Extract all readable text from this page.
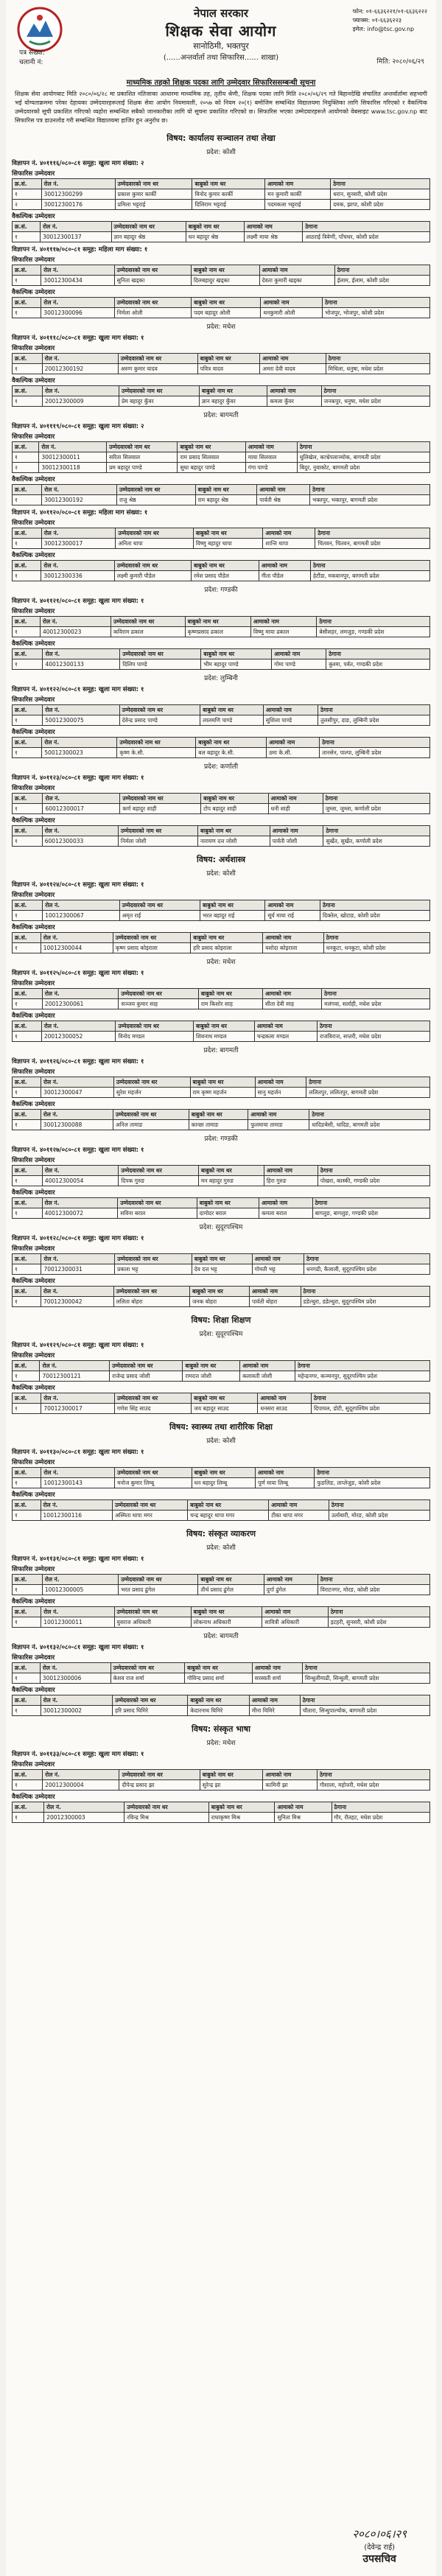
नेपाल सरकार
शिक्षक सेवा आयोग
सानोठिमी, भक्तपुर
(......अन्तर्वार्ता तथा सिफारिस...... शाखा)
फोन: ०१-६६३६२२१/०१-६६३६२२२
फ्याक्स: ०१-६६३६२२३
इमेल: info@tsc.gov.np
पत्र संख्या:
चलानी नं:	मिति: २०८०/०६/२९
माध्यमिक तहको शिक्षक पदका लागि उम्मेदवार सिफारिससम्बन्धी सूचना
शिक्षक सेवा आयोगबाट मिति २०८०/०६/२८ मा प्रकाशित नतिजाका आधारमा माध्यमिक तह, तृतीय श्रेणी, शिक्षक पदका लागि मिति २०८०/०६/२९ गते बिहानदेखि संचालित अन्तर्वार्तामा सहभागी भई योग्यताक्रममा परेका देहायका उम्मेदवारहरूलाई शिक्षक सेवा आयोग नियमावली, २०५७ को नियम २०(१) बमोजिम सम्बन्धित विद्यालयमा नियुक्तिका लागि सिफारिस गरिएको र वैकल्पिक उम्मेदवारको सूची प्रकाशित गरिएको व्यहोरा सम्बन्धित सबैको जानकारीका लागि यो सूचना प्रकाशित गरिएको छ। सिफारिस भएका उम्मेदवारहरूले आयोगको वेबसाइट www.tsc.gov.np बाट सिफारिस पत्र डाउनलोड गरी सम्बन्धित विद्यालयमा हाजिर हुन अनुरोध छ।
विषय: कार्यालय सञ्चालन तथा लेखा
प्रदेश: कोशी
विज्ञापन नं. ४०१११६/०८०-८१ समूह: खुला माग संख्या: २
सिफारिस उम्मेदवार
क्र.सं.	रोल नं.	उम्मेदवारको नाम थर	बाबुको नाम थर	आमाको नाम	ठेगाना
१	30012300299	प्रकाश कुमार कार्की	विनोद कुमार कार्की	मन कुमारी कार्की	धरान, सुनसरी, कोशी प्रदेश
२	30012300176	प्रमिला भट्टराई	दिलिराम भट्टराई	पदमकला भट्टराई	दमक, झापा, कोशी प्रदेश
वैकल्पिक उम्मेदवार
क्र.सं.	रोल नं.	उम्मेदवारको नाम थर	बाबुको नाम थर	आमाको नाम	ठेगाना
१	30012300137	ज्ञान बहादुर श्रेष्ठ	धन बहादुर श्रेष्ठ	लक्ष्मी माया श्रेष्ठ	आठराई त्रिवेणी, पाँचथर, कोशी प्रदेश
विज्ञापन नं. ४०१११७/०८०-८१ समूह: महिला माग संख्या: १
सिफारिस उम्मेदवार
क्र.सं.	रोल नं.	उम्मेदवारको नाम थर	बाबुको नाम थर	आमाको नाम	ठेगाना
१	30012300434	सुनिता खड्का	दिलबहादुर खड्का	देवता कुमारी खड्का	ईलाम, ईलाम, कोशी प्रदेश
वैकल्पिक उम्मेदवार
क्र.सं.	रोल नं.	उम्मेदवारको नाम थर	बाबुको नाम थर	आमाको नाम	ठेगाना
१	30012300096	निर्मला ओली	पदम बहादुर ओली	धनकुमारी ओली	भोजपुर, भोजपुर, कोशी प्रदेश
प्रदेश: मधेश
विज्ञापन नं. ४०१११८/०८०-८१ समूह: खुला माग संख्या: १
सिफारिस उम्मेदवार
क्र.सं.	रोल नं.	उम्मेदवारको नाम थर	बाबुको नाम थर	आमाको नाम	ठेगाना
१	20012300192	अरुण कुमार यादव	पवित्र यादव	अमरा देवी यादव	मिथिला, धनुषा, मधेश प्रदेश
वैकल्पिक उम्मेदवार
क्र.सं.	रोल नं.	उम्मेदवारको नाम थर	बाबुको नाम थर	आमाको नाम	ठेगाना
१	20012300009	प्रेम बहादुर कुँवर	ज्ञान बहादुर कुँवर	कमला कुँवर	जनकपुर, धनुषा, मधेश प्रदेश
प्रदेश: बागमती
विज्ञापन नं. ४०१११९/०८०-८१ समूह: खुला माग संख्या: २
सिफारिस उम्मेदवार
क्र.सं.	रोल नं.	उम्मेदवारको नाम थर	बाबुको नाम थर	आमाको नाम	ठेगाना
१	30012300011	सरिता सिलवाल	राम प्रसाद सिलवाल	माया सिलवाल	धुलिखेल, काभ्रेपलाञ्चोक, बागमती प्रदेश
२	30012300118	प्रम बहादुर पाण्डे	सुधा बहादुर पाण्डे	गंगा पाण्डे	बिदुर, नुवाकोट, बागमती प्रदेश
वैकल्पिक उम्मेदवार
क्र.सं.	रोल नं.	उम्मेदवारको नाम थर	बाबुको नाम थर	आमाको नाम	ठेगाना
१	30012300192	राजु श्रेष्ठ	राम बहादुर श्रेष्ठ	पार्वती श्रेष्ठ	भक्तपुर, भक्तपुर, बागमती प्रदेश
विज्ञापन नं. ४०११२०/०८०-८१ समूह: महिला माग संख्या: १
सिफारिस उम्मेदवार
क्र.सं.	रोल नं.	उम्मेदवारको नाम थर	बाबुको नाम थर	आमाको नाम	ठेगाना
१	30012300017	अनिता थापा	विष्णु बहादुर थापा	शान्ति थापा	चितवन, चितवन, बागमती प्रदेश
वैकल्पिक उम्मेदवार
क्र.सं.	रोल नं.	उम्मेदवारको नाम थर	बाबुको नाम थर	आमाको नाम	ठेगाना
१	30012300336	लक्ष्मी कुमारी पौडेल	रमेश प्रसाद पौडेल	गीता पौडेल	हेटौंडा, मकवानपुर, बागमती प्रदेश
प्रदेश: गण्डकी
विज्ञापन नं. ४०११२१/०८०-८१ समूह: खुला माग संख्या: १
सिफारिस उम्मेदवार
क्र.सं.	रोल नं.	उम्मेदवारको नाम थर	बाबुको नाम थर	आमाको नाम	ठेगाना
१	40012300023	कविराम ढकाल	कृष्णप्रसाद ढकाल	विष्णु माया ढकाल	बेसीशहर, लमजुङ, गण्डकी प्रदेश
वैकल्पिक उम्मेदवार
क्र.सं.	रोल नं.	उम्मेदवारको नाम थर	बाबुको नाम थर	आमाको नाम	ठेगाना
१	40012300133	दिलिप पाण्डे	भीम बहादुर पाण्डे	गोमा पाण्डे	कुश्मा, पर्वत, गण्डकी प्रदेश
प्रदेश: लुम्बिनी
विज्ञापन नं. ४०११२२/०८०-८१ समूह: खुला माग संख्या: १
सिफारिस उम्मेदवार
क्र.सं.	रोल नं.	उम्मेदवारको नाम थर	बाबुको नाम थर	आमाको नाम	ठेगाना
१	50012300075	देवेन्द्र प्रसाद पाण्डे	लालमणि पाण्डे	सुशिला पाण्डे	तुलसीपुर, दाङ, लुम्बिनी प्रदेश
वैकल्पिक उम्मेदवार
क्र.सं.	रोल नं.	उम्मेदवारको नाम थर	बाबुको नाम थर	आमाको नाम	ठेगाना
१	50012300023	कृष्ण के.सी.	बल बहादुर के.सी.	ठमा के.सी.	तानसेन, पाल्पा, लुम्बिनी प्रदेश
प्रदेश: कर्णाली
विज्ञापन नं. ४०११२३/०८०-८१ समूह: खुला माग संख्या: १
सिफारिस उम्मेदवार
क्र.सं.	रोल नं.	उम्मेदवारको नाम थर	बाबुको नाम थर	आमाको नाम	ठेगाना
१	60012300017	कर्ण बहादुर शाही	टोप बहादुर शाही	धनी शाही	जुम्ला, जुम्ला, कर्णाली प्रदेश
वैकल्पिक उम्मेदवार
क्र.सं.	रोल नं.	उम्मेदवारको नाम थर	बाबुको नाम थर	आमाको नाम	ठेगाना
१	60012300033	निर्मला जोशी	नारायण दत्त जोशी	पार्वती जोशी	सुर्खेत, सुर्खेत, कर्णाली प्रदेश
विषय: अर्थशास्त्र
प्रदेश: कोशी
विज्ञापन नं. ४०११२४/०८०-८१ समूह: खुला माग संख्या: १
सिफारिस उम्मेदवार
क्र.सं.	रोल नं.	उम्मेदवारको नाम थर	बाबुको नाम थर	आमाको नाम	ठेगाना
१	10012300067	अमृत राई	भरत बहादुर राई	सूर्य माया राई	दिक्तेल, खोटाङ, कोशी प्रदेश
वैकल्पिक उम्मेदवार
क्र.सं.	रोल नं.	उम्मेदवारको नाम थर	बाबुको नाम थर	आमाको नाम	ठेगाना
१	10012300044	कृष्ण प्रसाद कोइराला	हरि प्रसाद कोइराला	यशोदा कोइराला	धनकुटा, धनकुटा, कोशी प्रदेश
प्रदेश: मधेश
विज्ञापन नं. ४०११२५/०८०-८१ समूह: खुला माग संख्या: १
सिफारिस उम्मेदवार
क्र.सं.	रोल नं.	उम्मेदवारको नाम थर	बाबुको नाम थर	आमाको नाम	ठेगाना
१	20012300061	सञ्जय कुमार साह	राम किशोर साह	सीता देवी साह	मलंगवा, सर्लाही, मधेश प्रदेश
वैकल्पिक उम्मेदवार
क्र.सं.	रोल नं.	उम्मेदवारको नाम थर	बाबुको नाम थर	आमाको नाम	ठेगाना
१	20012300052	विनोद मण्डल	शिवनाथ मण्डल	चन्द्रकला मण्डल	राजविराज, सप्तरी, मधेश प्रदेश
प्रदेश: बागमती
विज्ञापन नं. ४०११२६/०८०-८१ समूह: खुला माग संख्या: १
सिफारिस उम्मेदवार
क्र.सं.	रोल नं.	उम्मेदवारको नाम थर	बाबुको नाम थर	आमाको नाम	ठेगाना
१	30012300047	सुरेश महर्जन	राम कृष्ण महर्जन	सानु महर्जन	ललितपुर, ललितपुर, बागमती प्रदेश
वैकल्पिक उम्मेदवार
क्र.सं.	रोल नं.	उम्मेदवारको नाम थर	बाबुको नाम थर	आमाको नाम	ठेगाना
१	30012300088	अनिल तामाङ	कान्छा तामाङ	फुलमाया तामाङ	धादिङबेसी, धादिङ, बागमती प्रदेश
प्रदेश: गण्डकी
विज्ञापन नं. ४०११२७/०८०-८१ समूह: खुला माग संख्या: १
सिफारिस उम्मेदवार
क्र.सं.	रोल नं.	उम्मेदवारको नाम थर	बाबुको नाम थर	आमाको नाम	ठेगाना
१	40012300054	दिपक गुरुङ	मन बहादुर गुरुङ	हिरा गुरुङ	पोखरा, कास्की, गण्डकी प्रदेश
वैकल्पिक उम्मेदवार
क्र.सं.	रोल नं.	उम्मेदवारको नाम थर	बाबुको नाम थर	आमाको नाम	ठेगाना
१	40012300072	सविना बराल	दामोदर बराल	कमला बराल	बागलुङ, बागलुङ, गण्डकी प्रदेश
प्रदेश: सुदूरपश्चिम
विज्ञापन नं. ४०११२८/०८०-८१ समूह: खुला माग संख्या: १
सिफारिस उम्मेदवार
क्र.सं.	रोल नं.	उम्मेदवारको नाम थर	बाबुको नाम थर	आमाको नाम	ठेगाना
१	70012300031	प्रकाश भट्ट	देव दत्त भट्ट	गोमती भट्ट	धनगढी, कैलाली, सुदूरपश्चिम प्रदेश
वैकल्पिक उम्मेदवार
क्र.सं.	रोल नं.	उम्मेदवारको नाम थर	बाबुको नाम थर	आमाको नाम	ठेगाना
१	70012300042	ललिता बोहरा	जनक बोहरा	पार्वती बोहरा	डडेल्धुरा, डडेल्धुरा, सुदूरपश्चिम प्रदेश
विषय: शिक्षा शिक्षण
प्रदेश: सुदूरपश्चिम
विज्ञापन नं. ४०११२९/०८०-८१ समूह: खुला माग संख्या: १
सिफारिस उम्मेदवार
क्र.सं.	रोल नं.	उम्मेदवारको नाम थर	बाबुको नाम थर	आमाको नाम	ठेगाना
१	70012300121	राजेन्द्र प्रसाद जोशी	रामदत्त जोशी	कलावती जोशी	महेन्द्रनगर, कञ्चनपुर, सुदूरपश्चिम प्रदेश
वैकल्पिक उम्मेदवार
क्र.सं.	रोल नं.	उम्मेदवारको नाम थर	बाबुको नाम थर	आमाको नाम	ठेगाना
१	70012300017	गणेश सिंह साउद	जय बहादुर साउद	धनसरा साउद	दिपायल, डोटी, सुदूरपश्चिम प्रदेश
विषय: स्वास्थ्य तथा शारीरिक शिक्षा
प्रदेश: कोशी
विज्ञापन नं. ४०११३०/०८०-८१ समूह: खुला माग संख्या: १
सिफारिस उम्मेदवार
क्र.सं.	रोल नं.	उम्मेदवारको नाम थर	बाबुको नाम थर	आमाको नाम	ठेगाना
१	10012300143	मनोज कुमार लिम्बू	धन बहादुर लिम्बू	पूर्ण माया लिम्बू	फुङलिङ, ताप्लेजुङ, कोशी प्रदेश
वैकल्पिक उम्मेदवार
क्र.सं.	रोल नं.	उम्मेदवारको नाम थर	बाबुको नाम थर	आमाको नाम	ठेगाना
१	10012300116	अस्मिता थापा मगर	चन्द्र बहादुर थापा मगर	टीका थापा मगर	उर्लाबारी, मोरङ, कोशी प्रदेश
विषय: संस्कृत व्याकरण
प्रदेश: कोशी
विज्ञापन नं. ४०११३१/०८०-८१ समूह: खुला माग संख्या: १
सिफारिस उम्मेदवार
क्र.सं.	रोल नं.	उम्मेदवारको नाम थर	बाबुको नाम थर	आमाको नाम	ठेगाना
१	10012300005	भरत प्रसाद ढुंगेल	तीर्थ प्रसाद ढुंगेल	दुर्गा ढुंगेल	विराटनगर, मोरङ, कोशी प्रदेश
वैकल्पिक उम्मेदवार
क्र.सं.	रोल नं.	उम्मेदवारको नाम थर	बाबुको नाम थर	आमाको नाम	ठेगाना
१	10012300011	युवराज अधिकारी	लोकनाथ अधिकारी	सावित्री अधिकारी	इटहरी, सुनसरी, कोशी प्रदेश
प्रदेश: बागमती
विज्ञापन नं. ४०११३२/०८०-८१ समूह: खुला माग संख्या: १
सिफारिस उम्मेदवार
क्र.सं.	रोल नं.	उम्मेदवारको नाम थर	बाबुको नाम थर	आमाको नाम	ठेगाना
१	30012300006	केशव राज शर्मा	गोविन्द प्रसाद शर्मा	सरस्वती शर्मा	सिन्धुलीमाढी, सिन्धुली, बागमती प्रदेश
वैकल्पिक उम्मेदवार
क्र.सं.	रोल नं.	उम्मेदवारको नाम थर	बाबुको नाम थर	आमाको नाम	ठेगाना
१	30012300002	हरि प्रसाद घिमिरे	केदारनाथ घिमिरे	मीना घिमिरे	चौतारा, सिन्धुपाल्चोक, बागमती प्रदेश
विषय: संस्कृत भाषा
प्रदेश: मधेश
विज्ञापन नं. ४०११३३/०८०-८१ समूह: खुला माग संख्या: १
सिफारिस उम्मेदवार
क्र.सं.	रोल नं.	उम्मेदवारको नाम थर	बाबुको नाम थर	आमाको नाम	ठेगाना
१	20012300004	दीपेन्द्र प्रसाद झा	सुरेन्द्र झा	कामिनी झा	गौशाला, महोत्तरी, मधेश प्रदेश
वैकल्पिक उम्मेदवार
क्र.सं.	रोल नं.	उम्मेदवारको नाम थर	बाबुको नाम थर	आमाको नाम	ठेगाना
१	20012300003	रविन्द्र मिश्र	राधाकृष्ण मिश्र	सुनिता मिश्र	गौर, रौतहट, मधेश प्रदेश
२०८०।०६।२९
(देवेन्द्र राई)
उपसचिव
